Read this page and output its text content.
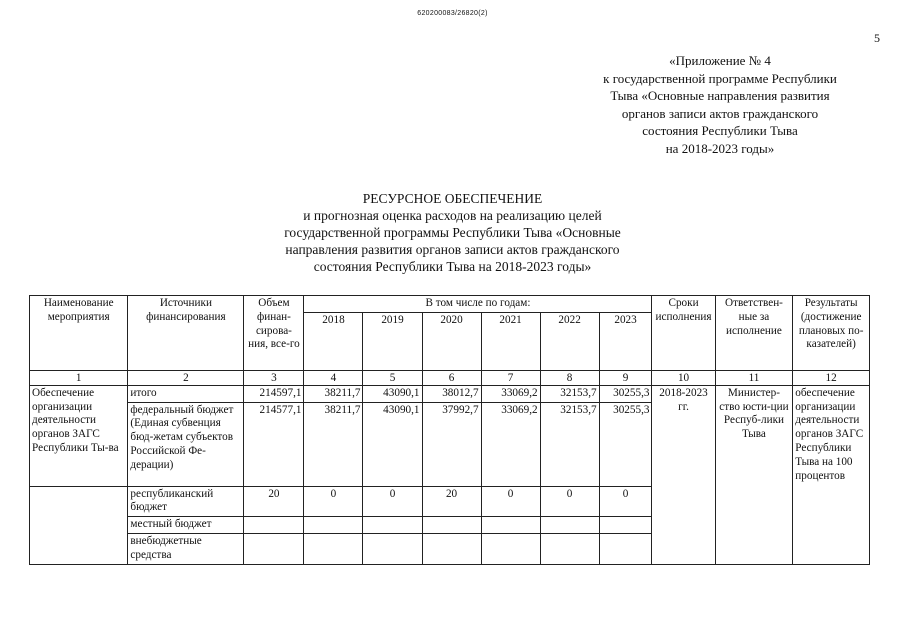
620200083/26820(2)
5
«Приложение № 4
к государственной программе Республики
Тыва «Основные направления развития
органов записи актов гражданского
состояния Республики Тыва
на 2018-2023 годы»
РЕСУРСНОЕ ОБЕСПЕЧЕНИЕ
и прогнозная оценка расходов на реализацию целей
государственной программы Республики Тыва «Основные
направления развития органов записи актов гражданского
состояния Республики Тыва на 2018-2023 годы»
Наименование мероприятия	Источники финансирования	Объем финан-сирова-ния, все-го	В том числе по годам:						Сроки исполнения	Ответствен-ные за исполнение	Результаты (достижение плановых по-казателей)
			2018	2019	2020	2021	2022	2023			
1	2	3	4	5	6	7	8	9	10	11	12
Обеспечение организации деятельности органов ЗАГС Республики Ты-ва	итого	214597,1	38211,7	43090,1	38012,7	33069,2	32153,7	30255,3	2018-2023 гг.	Министер-ство юсти-ции Респуб-лики Тыва	обеспечение организации деятельности органов ЗАГС Республики Тыва на 100 процентов
	федеральный бюджет (Единая субвенция бюд-жетам субъектов Российской Фе-дерации)	214577,1	38211,7	43090,1	37992,7	33069,2	32153,7	30255,3			
	республиканский бюджет	20	0	0	20	0	0	0			
	местный бюджет										
	внебюджетные средства										
